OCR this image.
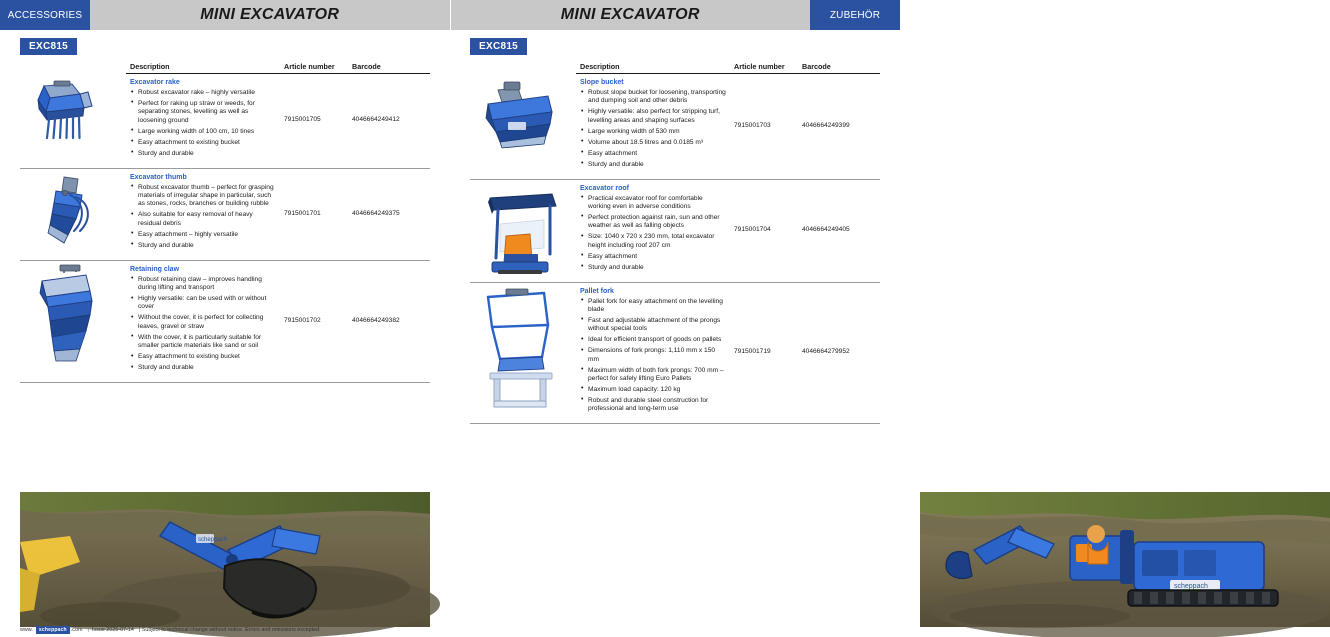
ACCESSORIES	MINI EXCAVATOR	MINI EXCAVATOR	ZUBEHÖR
EXC815
	Description	Article number	Barcode

Excavator rake
• Robust excavator rake – highly versatile
• Perfect for raking up straw or weeds, for separating stones, levelling as well as loosening ground
• Large working width of 100 cm, 10 tines
• Easy attachment to existing bucket
• Sturdy and durable
	7915001705	4046664249412

Excavator thumb
• Robust excavator thumb – perfect for grasping materials of irregular shape in particular, such as stones, rocks, branches or building rubble
• Also suitable for easy removal of heavy residual debris
• Easy attachment – highly versatile
• Sturdy and durable
	7915001701	4046664249375

Retaining claw
• Robust retaining claw – improves handling during lifting and transport
• Highly versatile: can be used with or without cover
• Without the cover, it is perfect for collecting leaves, gravel or straw
• With the cover, it is particularly suitable for smaller particle materials like sand or soil
• Easy attachment to existing bucket
• Sturdy and durable
	7915001702	4046664249382
scheppach
EXC815
	Description	Article number	Barcode

Slope bucket
• Robust slope bucket for loosening, transporting and dumping soil and other debris
• Highly versatile: also perfect for stripping turf, levelling areas and shaping surfaces
• Large working width of 530 mm
• Volume about 18.5 litres and 0.0185 m³
• Easy attachment
• Sturdy and durable
	7915001703	4046664249399

Excavator roof
• Practical excavator roof for comfortable working even in adverse conditions
• Perfect protection against rain, sun and other weather as well as falling objects
• Size: 1040 x 720 x 230 mm, total excavator height including roof 207 cm
• Easy attachment
• Sturdy and durable
	7915001704	4046664249405

Pallet fork
• Pallet fork for easy attachment on the levelling blade
• Fast and adjustable attachment of the prongs without special tools
• Ideal for efficient transport of goods on pallets
• Dimensions of fork prongs: 1,110 mm x 150 mm
• Maximum width of both fork prongs: 700 mm – perfect for safely lifting Euro Pallets
• Maximum load capacity: 120 kg
• Robust and durable steel construction for professional and long-term use
	7915001719	4046664279952
scheppach
www.	scheppach .com | Issue 2025-07-14 | Subject to technical change without notice. Errors and omissions excepted.
